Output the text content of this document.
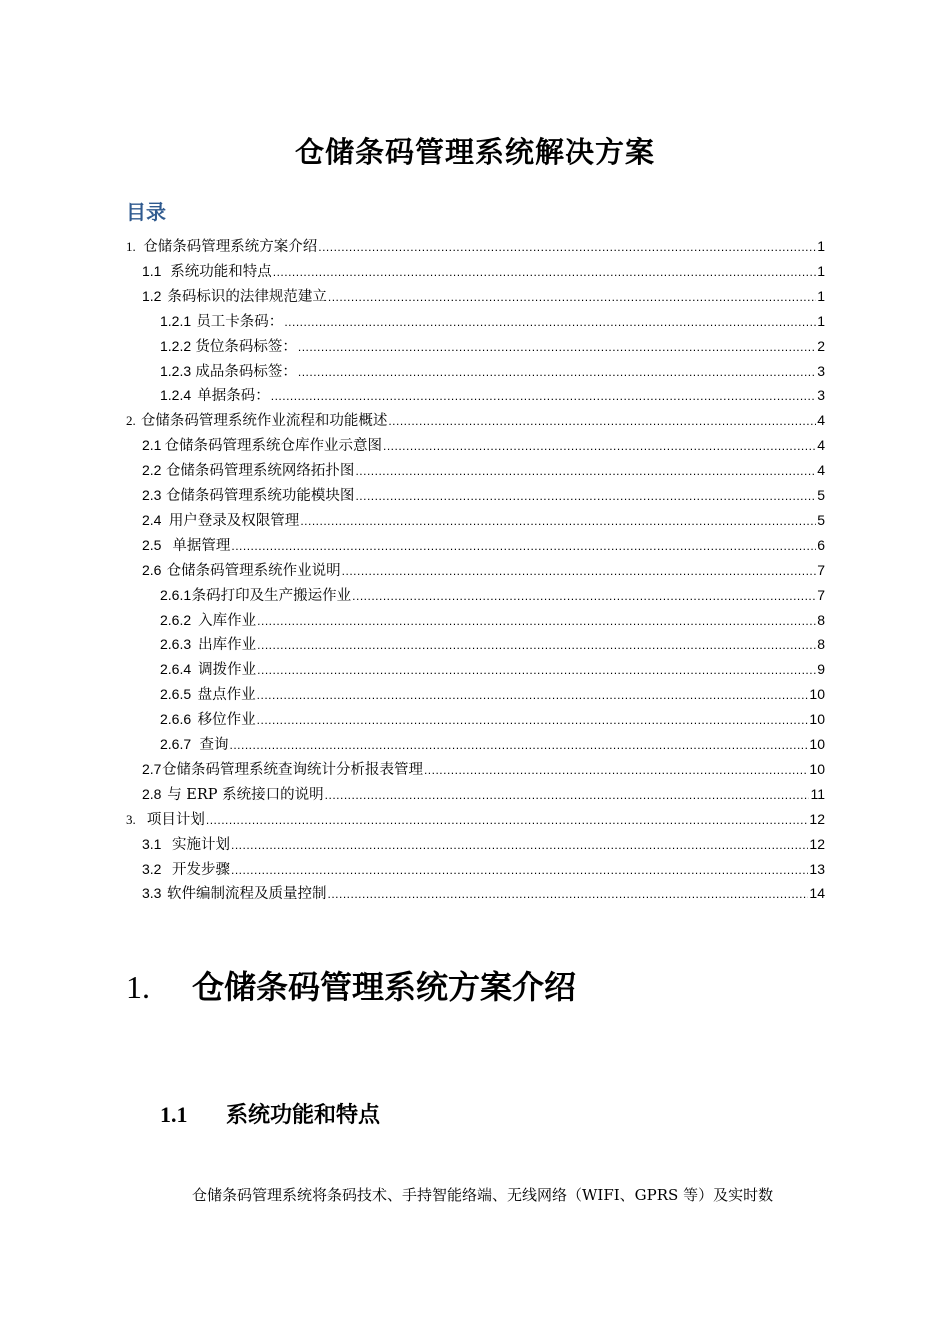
仓储条码管理系统解决方案
目录
1. 仓储条码管理系统方案介绍 .....	1
1.1 系统功能和特点 .....	1
1.2 条码标识的法律规范建立 .....	1
1.2.1 员工卡条码： .....	1
1.2.2 货位条码标签： .....	2
1.2.3 成品条码标签： .....	3
1.2.4 单据条码： .....	3
2. 仓储条码管理系统作业流程和功能概述 .....	4
2.1 仓储条码管理系统仓库作业示意图 .....	4
2.2 仓储条码管理系统网络拓扑图 .....	4
2.3 仓储条码管理系统功能模块图 .....	5
2.4 用户登录及权限管理 .....	5
2.5 单据管理 .....	6
2.6 仓储条码管理系统作业说明 .....	7
2.6.1 条码打印及生产搬运作业 .....	7
2.6.2 入库作业 .....	8
2.6.3 出库作业 .....	8
2.6.4 调拨作业 .....	9
2.6.5 盘点作业 .....	10
2.6.6 移位作业 .....	10
2.6.7 查询 .....	10
2.7 仓储条码管理系统查询统计分析报表管理 .....	10
2.8 与 ERP 系统接口的说明 .....	11
3. 项目计划 .....	12
3.1 实施计划 .....	12
3.2 开发步骤 .....	13
3.3 软件编制流程及质量控制 .....	14
1. 仓储条码管理系统方案介绍
1.1 系统功能和特点
仓储条码管理系统将条码技术、手持智能络端、无线网络（WIFI、GPRS 等）及实时数
